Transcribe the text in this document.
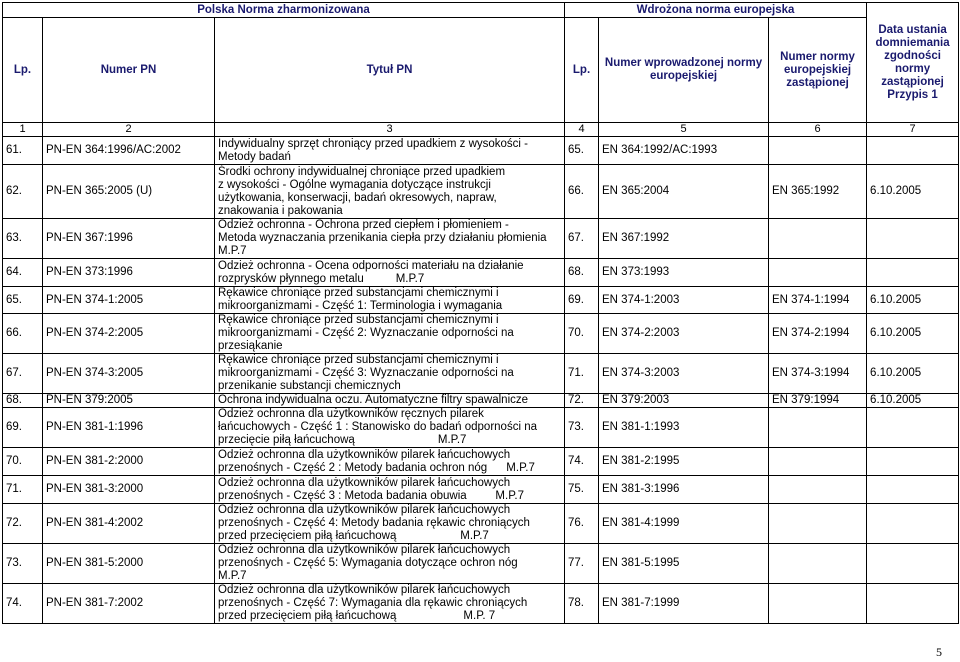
Polska Norma zharmonizowana			Wdrożona norma europejska			Data ustania domniemania zgodności normy zastąpionej
Przypis 1
Lp.	Numer PN	Tytuł PN	Lp.	Numer wprowadzonej normy europejskiej	Numer normy europejskiej zastąpionej	
1	2	3	4	5	6	7
61.	PN-EN 364:1996/AC:2002	Indywidualny sprzęt chroniący przed upadkiem z wysokości -
Metody badań	65.	EN 364:1992/AC:1993		
62.	PN-EN 365:2005 (U)	Środki ochrony indywidualnej chroniące przed upadkiem
z wysokości - Ogólne wymagania dotyczące instrukcji
użytkowania, konserwacji, badań okresowych, napraw,
znakowania i pakowania	66.	EN 365:2004	EN 365:1992	6.10.2005
63.	PN-EN 367:1996	Odzież ochronna - Ochrona przed ciepłem i płomieniem -
Metoda wyznaczania przenikania ciepła przy działaniu płomienia
M.P.7	67.	EN 367:1992		
64.	PN-EN 373:1996	Odzież ochronna - Ocena odporności materiału na działanie
rozprysków płynnego metalu          M.P.7	68.	EN 373:1993		
65.	PN-EN 374-1:2005	Rękawice chroniące przed substancjami chemicznymi i
mikroorganizmami - Część 1: Terminologia i wymagania	69.	EN 374-1:2003	EN 374-1:1994	6.10.2005
66.	PN-EN 374-2:2005	Rękawice chroniące przed substancjami chemicznymi i
mikroorganizmami - Część 2: Wyznaczanie odporności na
przesiąkanie	70.	EN 374-2:2003	EN 374-2:1994	6.10.2005
67.	PN-EN 374-3:2005	Rękawice chroniące przed substancjami chemicznymi i
mikroorganizmami - Część 3: Wyznaczanie odporności na
przenikanie substancji chemicznych	71.	EN 374-3:2003	EN 374-3:1994	6.10.2005
68.	PN-EN 379:2005	Ochrona indywidualna oczu. Automatyczne filtry spawalnicze	72.	EN 379:2003	EN 379:1994	6.10.2005
69.	PN-EN 381-1:1996	Odzież ochronna dla użytkowników ręcznych pilarek
łańcuchowych - Część 1 : Stanowisko do badań odporności na
przecięcie piłą łańcuchową                          M.P.7	73.	EN 381-1:1993		
70.	PN-EN 381-2:2000	Odzież ochronna dla użytkowników pilarek łańcuchowych
przenośnych - Część 2 : Metody badania ochron nóg      M.P.7	74.	EN 381-2:1995		
71.	PN-EN 381-3:2000	Odzież ochronna dla użytkowników pilarek łańcuchowych
przenośnych - Część 3 : Metoda badania obuwia         M.P.7	75.	EN 381-3:1996		
72.	PN-EN 381-4:2002	Odzież ochronna dla użytkowników pilarek łańcuchowych
przenośnych - Część 4: Metody badania rękawic chroniących
przed przecięciem piłą łańcuchową                    M.P.7	76.	EN 381-4:1999		
73.	PN-EN 381-5:2000	Odzież ochronna dla użytkowników pilarek łańcuchowych
przenośnych - Część 5: Wymagania dotyczące ochron nóg
M.P.7	77.	EN 381-5:1995		
74.	PN-EN 381-7:2002	Odzież ochronna dla użytkowników pilarek łańcuchowych
przenośnych - Część 7: Wymagania dla rękawic chroniących
przed przecięciem piłą łańcuchową                     M.P. 7	78.	EN 381-7:1999		
5
